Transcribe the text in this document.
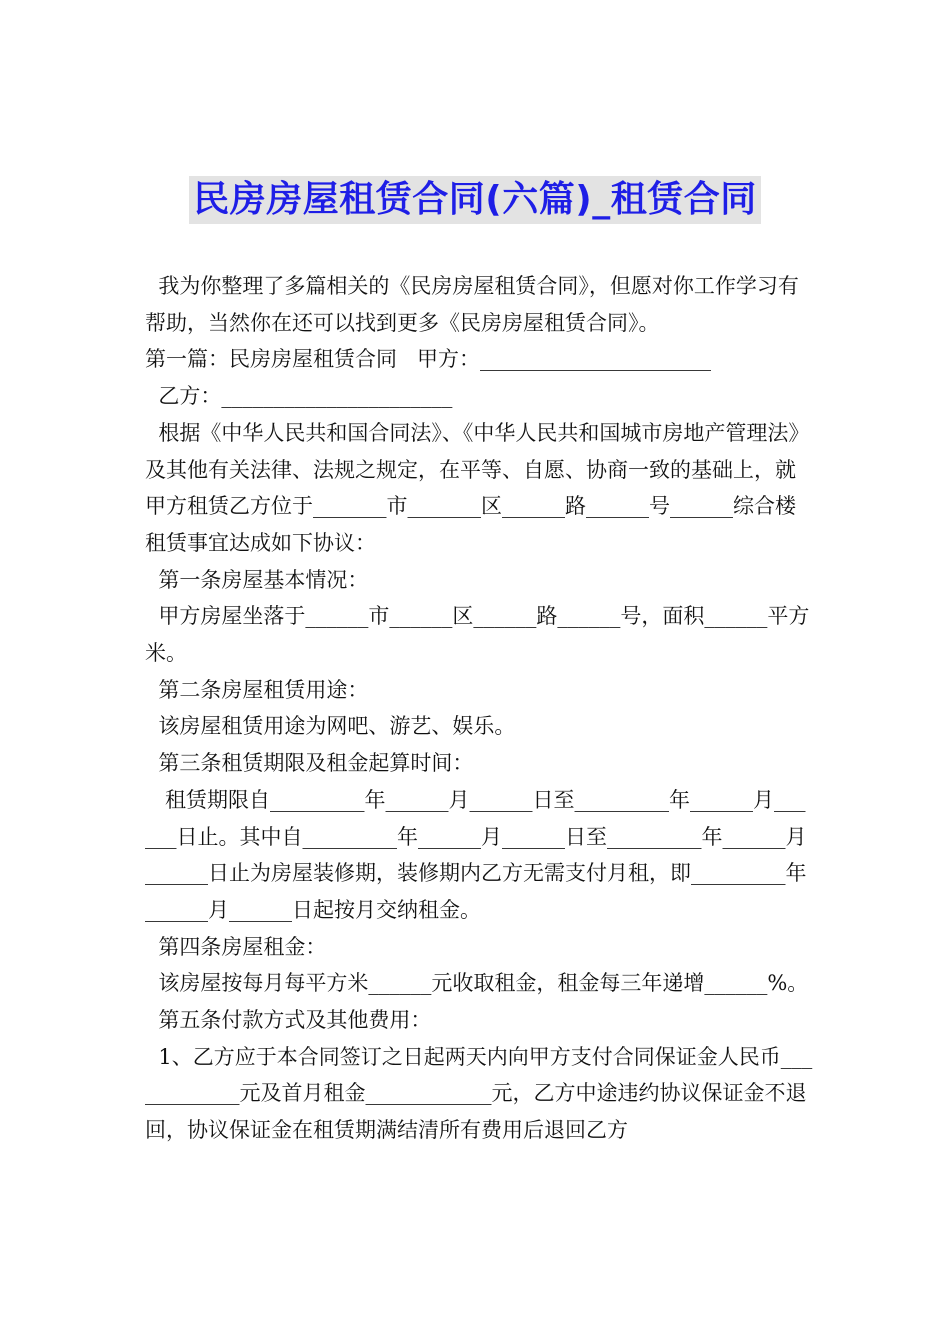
民房房屋租赁合同(六篇)_租赁合同

我为你整理了多篇相关的《民房房屋租赁合同》，但愿对你工作学习有帮助，当然你在还可以找到更多《民房房屋租赁合同》。

第一篇：民房房屋租赁合同   甲方：______________________

乙方：______________________

根据《中华人民共和国合同法》、《中华人民共和国城市房地产管理法》及其他有关法律、法规之规定，在平等、自愿、协商一致的基础上，就甲方租赁乙方位于_______市_______区______路______号______综合楼租赁事宜达成如下协议：

第一条房屋基本情况：

甲方房屋坐落于______市______区______路______号，面积______平方米。

第二条房屋租赁用途：

该房屋租赁用途为网吧、游艺、娱乐。

第三条租赁期限及租金起算时间：

租赁期限自_________年______月______日至_________年______月______日止。其中自_________年______月______日至_________年______月______日止为房屋装修期，装修期内乙方无需支付月租，即_________年______月______日起按月交纳租金。

第四条房屋租金：

该房屋按每月每平方米______元收取租金，租金每三年递增______%。

第五条付款方式及其他费用：

1、乙方应于本合同签订之日起两天内向甲方支付合同保证金人民币____________元及首月租金____________元，乙方中途违约协议保证金不退回，协议保证金在租赁期满结清所有费用后退回乙方
